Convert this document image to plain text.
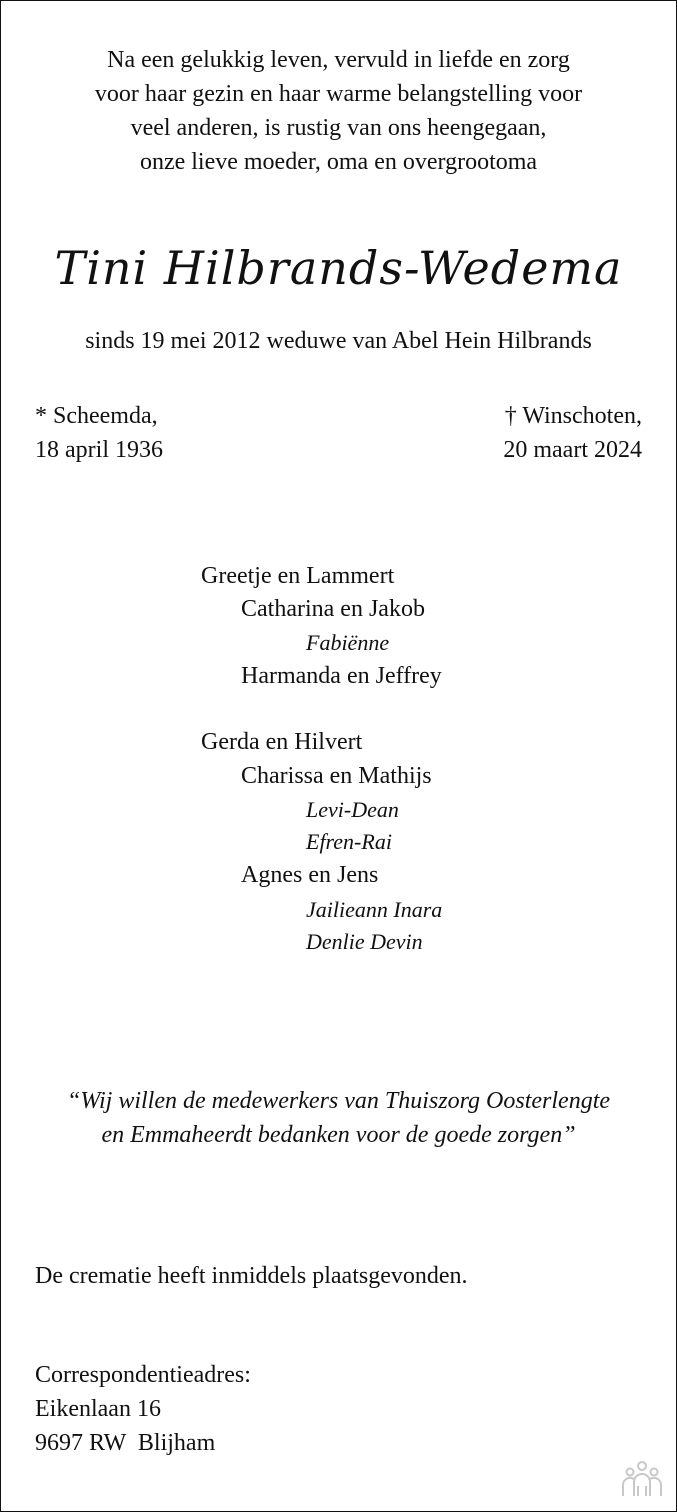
Na een gelukkig leven, vervuld in liefde en zorg
voor haar gezin en haar warme belangstelling voor
veel anderen, is rustig van ons heengegaan,
onze lieve moeder, oma en overgrootoma
Tini Hilbrands-Wedema
sinds 19 mei 2012 weduwe van Abel Hein Hilbrands
* Scheemda,
18 april 1936
† Winschoten,
20 maart 2024
Greetje en Lammert
Catharina en Jakob
Fabiënne
Harmanda en Jeffrey
Gerda en Hilvert
Charissa en Mathijs
Levi-Dean
Efren-Rai
Agnes en Jens
Jailieann Inara
Denlie Devin
“Wij willen de medewerkers van Thuiszorg Oosterlengte
en Emmaheerdt bedanken voor de goede zorgen”
De crematie heeft inmiddels plaatsgevonden.
Correspondentieadres:
Eikenlaan 16
9697 RW  Blijham
